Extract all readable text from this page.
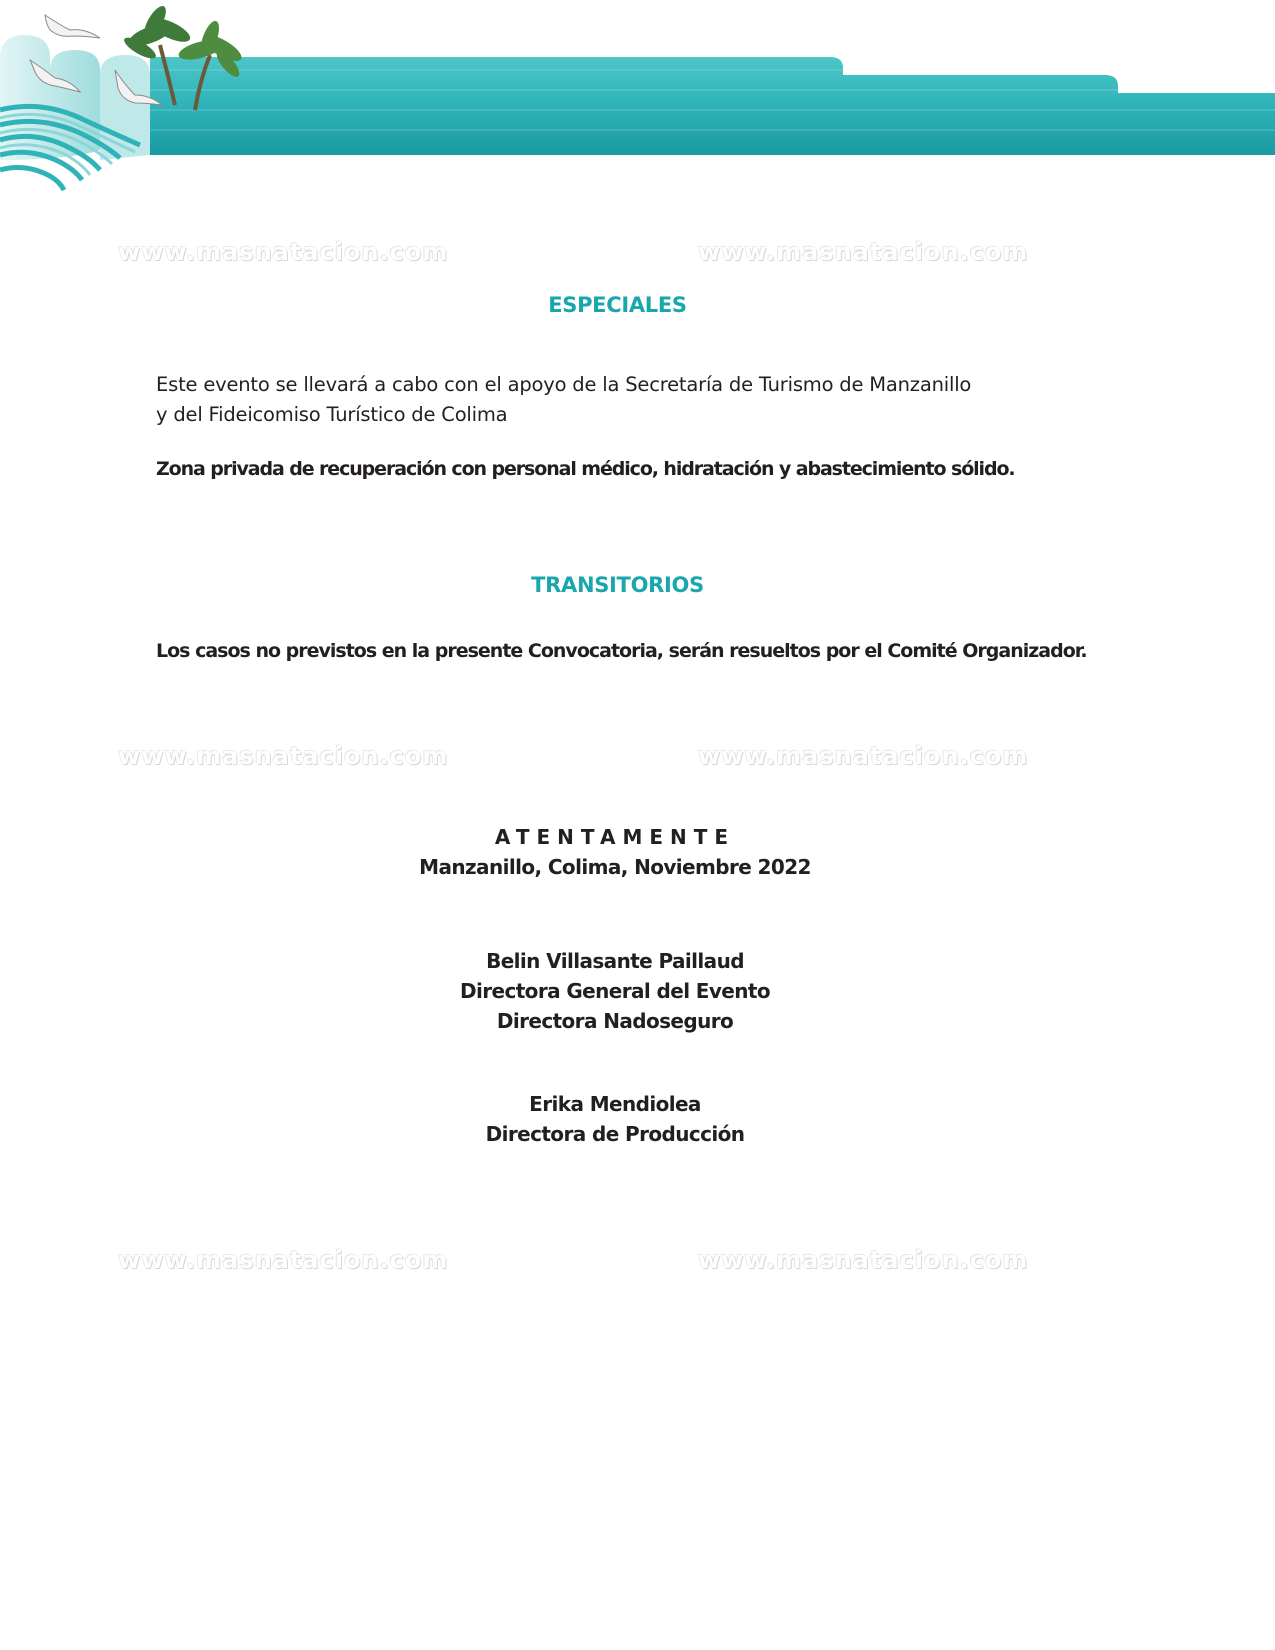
www.masnatacion.com	www.masnatacion.com
www.masnatacion.com	www.masnatacion.com
www.masnatacion.com	www.masnatacion.com
ESPECIALES
Este evento se llevará a cabo con el apoyo de la Secretaría de Turismo de Manzanillo
y del Fideicomiso Turístico de Colima
Zona privada de recuperación con personal médico, hidratación y abastecimiento sólido.
TRANSITORIOS
Los casos no previstos en la presente Convocatoria, serán resueltos por el Comité Organizador.
ATENTAMENTE
Manzanillo, Colima, Noviembre 2022
Belin Villasante Paillaud
Directora General del Evento
Directora Nadoseguro
Erika Mendiolea
Directora de Producción
